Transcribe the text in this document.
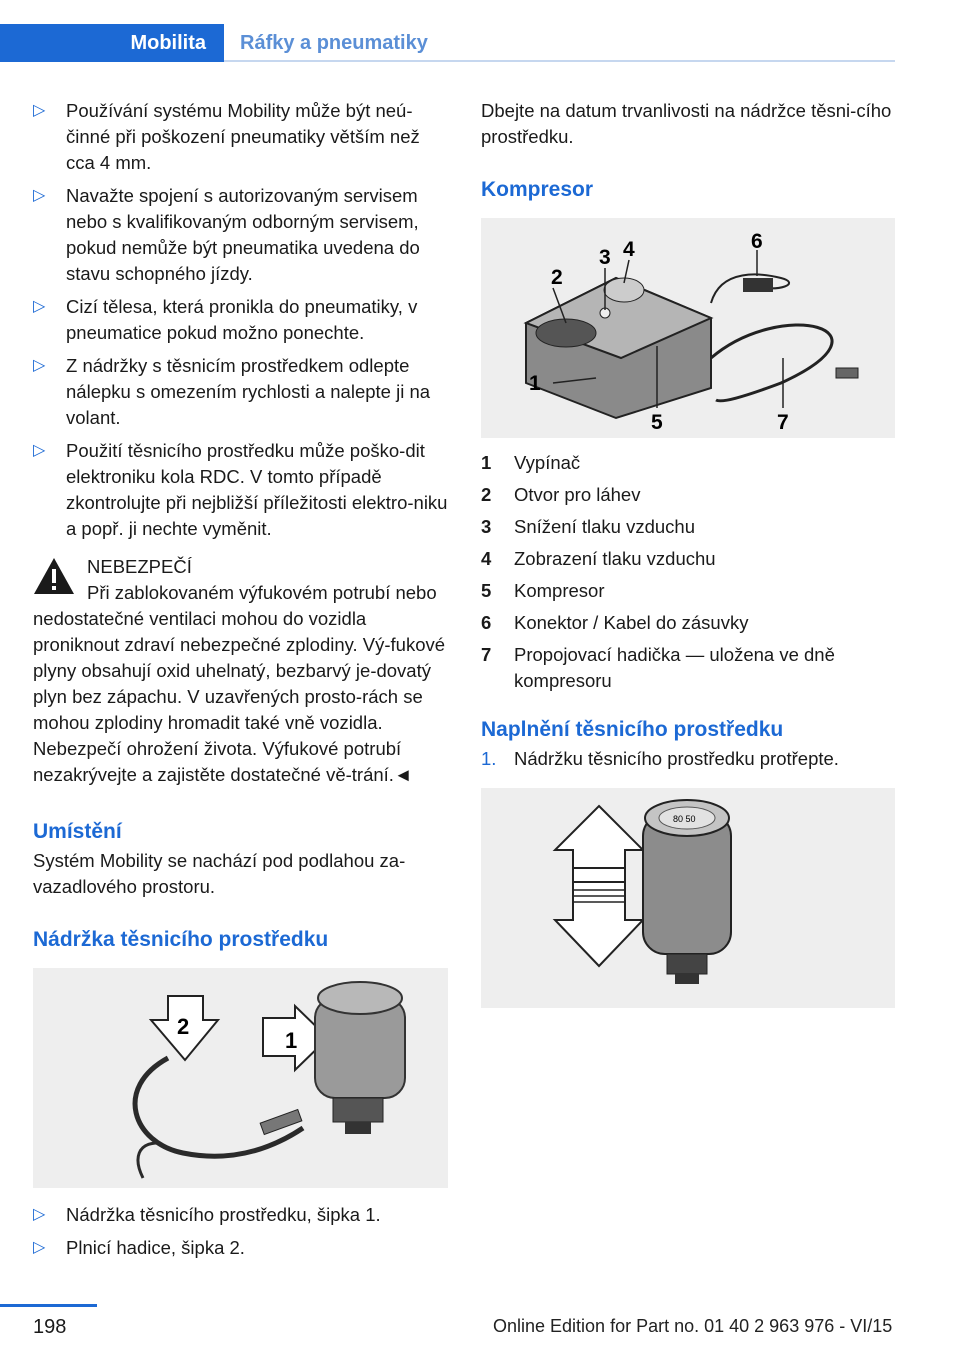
Mobilita	Ráfky a pneumatiky
▷ Používání systému Mobility může být neú‐činné při poškození pneumatiky větším než cca 4 mm.
▷ Navažte spojení s autorizovaným servisem nebo s kvalifikovaným odborným servisem, pokud nemůže být pneumatika uvedena do stavu schopného jízdy.
▷ Cizí tělesa, která pronikla do pneumatiky, v pneumatice pokud možno ponechte.
▷ Z nádržky s těsnicím prostředkem odlepte nálepku s omezením rychlosti a nalepte ji na volant.
▷ Použití těsnicího prostředku může poško‐dit elektroniku kola RDC. V tomto případě zkontrolujte při nejbližší příležitosti elektro‐niku a popř. ji nechte vyměnit.
NEBEZPEČÍ
Při zablokovaném výfukovém potrubí nebo nedostatečné ventilaci mohou do vozidla proniknout zdraví nebezpečné zplodiny. Vý‐fukové plyny obsahují oxid uhelnatý, bezbarvý je‐dovatý plyn bez zápachu. V uzavřených prosto‐rách se mohou zplodiny hromadit také vně vozidla. Nebezpečí ohrožení života. Výfukové potrubí nezakrývejte a zajistěte dostatečné vě‐trání.◄
Umístění
Systém Mobility se nachází pod podlahou za‐vazadlového prostoru.
Nádržka těsnicího prostředku
2
1
▷ Nádržka těsnicího prostředku, šipka 1.
▷ Plnicí hadice, šipka 2.
Dbejte na datum trvanlivosti na nádržce těsni‐cího prostředku.
Kompresor
2
3 4	6
1
5	7
1 Vypínač
2 Otvor pro láhev
3 Snížení tlaku vzduchu
4 Zobrazení tlaku vzduchu
5 Kompresor
6 Konektor / Kabel do zásuvky
7 Propojovací hadička — uložena ve dně kompresoru
Naplnění těsnicího prostředku
1. Nádržku těsnicího prostředku protřepte.
80 50
198	Online Edition for Part no. 01 40 2 963 976 - VI/15
